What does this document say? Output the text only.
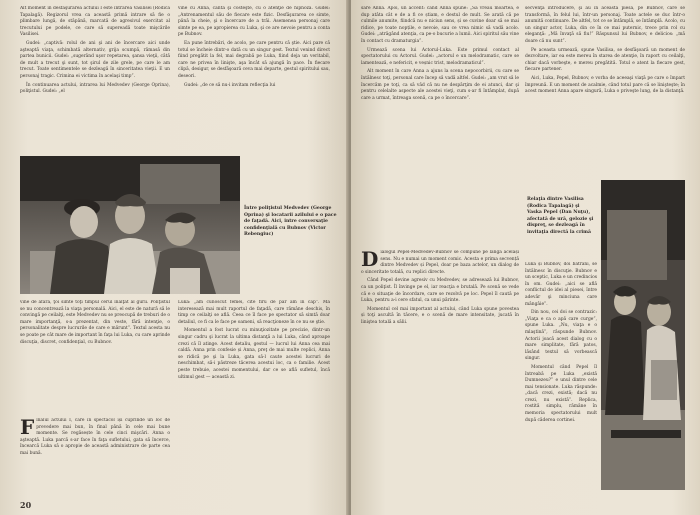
Alt moment în desfăşurarea actului I este intrarea Vasilisei (Rodica Tapalagă). Regizorul vrea ca această primă intrare să fie o plimbare lungă, de stăpână, marcată de agresivul exercitat al trecutului pe podele, ce care să supereadă toate mişcările Vasilisei.

Gudei: „captivă: rolul de ani şi ani de încercare aici unde aşteaptă viaţa, schimbată alternativ, grija scumpă, rămasă din partea bunicii. Gudei: „sugerând uşor repetarea, şansa vieţii, câtă de mult a trecut şi sunt, tot şirul de zile grele, pe care le am trecut. Toate sentimentele se dezleagă în sinceritatea vieţii. E un personaj tragic. Crimina ei victima în acelaşi timp”.

În continuarea actului, intrarea lui Medvedev (George Oprina), poliţistul. Gudei: „el

vine cu Anna, cântă şi costeşte, cu o atenţie de hipnoză. Gudei: „Antrenamentul său de fiecare este fizic. Desfăşurarea ce simte, până la cheie, şi o încercare de a trăi. Asemenea personaj care simte pe ea, pe apropierea cu Luka, şi ce are nevoie pentru a conta pe Bubnov.

Ea pune întrebări, de acolo, pe care pentru că ştie. Aici pare că totul se încheie dintr-o dată cu un singur gest. Textul venind direct fiind pregătit la fel, mai degrabă pe Luka, fiind deja un veritabil, care ne privea în linişte, aşa încât să ajungă în pace. În fiecare clipă, desigur, se desfăşoară ceva mai departe, gestul spiritului sau, deseori.

Gudei: „de ce să nu-i invitam reflecţia lui

Între poliţistul Medvedev (George Oprina) şi locatarii azilului e o pace de faţadă. Aici, intre conversaţie confidenţială cu Bubnov (Victor Rebengiuc)

vine de afară, ţoi simte toţi timpul cerul înalţat al gurii. Poliţistul se nu concentrează la viaţa personală. Aici, el este de natură să le convingă pe ceilalţi, este Medvedev nu se preocupă de treburi de o mare importanţă, s-a prezentat, din veste, fără intenţie, o personalitate despre lucrurile de care e mărunt”. Textul acesta nu se poate pe cât mare de important în faţa lui Luka, cu care aprinde discuţia, discret, confidenţial, cu Bubnov.

Luka: „am cunoscut femei, cite firu de păr am în cap”. Mă interesează mai mult raportul de faţadă, care rămâne deschis, în timp ce ceilalţi se află. Ceea ce îl face pe spectator să simtă doar detaliul, ce fi ca le face pe oameni, să reacţioneze în ce nu se ştie.

Momentul a fost lucrat cu minuţiozitate pe precizie, dintr-un singur cadru şi lucrat la ultima distanţă a lui Luka, când aproape crezi că îl atinge. Acest detaliu, gestul — lucrul lui Anna cea mai caldă. Anna prin confesie și Anna, preţ de mai multe replici, Anna se ridică pe şi la Luka, gata să-l caute acestei lucruri de neschimbat, să-i păstreze tăcerea acestui loc, ca o familie. Acest peste trebuie, acestei momentului, dar ce se află sufletul, încă ultimul gest — această zi.

F inalul actului I, care în spectacol își cuprinde un loc de prevedere mai bun, în final până în cele mai bune momente. Se regăsește în cele cinci mişcări. Anna o aşteaptă. Luka parcă s-ar face în faţa sufletului, gata să încerce, încearcă Luka să o apropie de această administrare de parte cea mai bună.
20

sare Anna. Apoi, un accent: când Anna spune: „Să vreau moartea, e dup atâta cât e de a fi ce știam, e destul de mult. Se arată că pe culmile anumite, fiindcă nu e niciun sens, și se cuvine doar să se mai ridice, pe toate nopțile, e nevoie, sau ce vrea nimic să vadă acolo. Gudei: „atrăgând atenţia, ca pe-o bucurie a lumii. Aici spiritul său vine în contact cu dramaturgia”.

Urmează scena lui Actorul-Luka. Este primul contact al spectatorului cu Actorul. Gudei: „actorul e un melodramatic, care se lamentează, e nefericit, e veșnic trist, melodramaticul”.

Alt moment în care Anna a ajuns la scena nepocorbirii, cu care se întâlnesc toţi, personal care încep să vadă altfel. Gudei: „am vrut să le încercăm pe toţi, ca să văd că nu ne despărţim de ei atunci, dar şi pentru celelalte aspecte ale acestei vieţi, cum s-ar fi întâmplat, după care a urmat, întreaga scenă, ca pe o încercare”.

secvenţă introducere, şi au în această piesă, pe Bubnov, care se transformă, în felul lui, într-un personaj. Toate actele se duc într-o anumită continuare. De altfel, tot ce se întâmplă, se întâmplă. Acolo, cu un singur actor, Luka, din ce în ce mai puternic, trece prin rol cu eleganţă: „Mă învaţă să fiu!” Răspunsul lui Bubnov, e delicios: „mă doare că nu sunt”.

Pe aceasta urmează, spune Vasilisa, se desfăşoară un moment de dezvoltare, iar ea este mereu în starea de atenţie, în raport cu ceilalţi, chiar dacă vorbeşte, e mereu pregătită. Totul e atent la fiecare gest, fiecare partener.

Aici, Luka, Pepel, Bubnov, e vorba de aceeaşi viaţă pe care o împart împreună. E un moment de acalmie, când totul pare că se linişteşte; în acest moment Anna apare singură, Luka o priveşte lung, de la distanţă.

Relaţia dintre Vasilisa (Rodica Tapalagă) şi Vaska Pepel (Dan Nuţu), afectată de ură, geloziе şi dispreţ, se dezleagă în invitaţia directă la crimă
D ialogul Pepel-Medvedev-Bubnov se compune pe lângă același sens. Nu e numai un moment comic. Acesta e prima secvență dintre Medvedev și Pepel, doar pe baza actelor, un dialog de o sinceritate totală, cu replici directe.

Când Pepel devine agresiv cu Medvedev, se adresează lui Bubnov, ca un poliţist. Îl învinge pe el, iar reacţia e brutală. Pe scenă se vede că e o situaţie de încordare, care se rezolvă pe loc. Pepel îl caută pe Luka, pentru a-i cere sfatul, ca unui părinte.

Momentul cel mai important al actului, când Luka spune povestea și toţi ascultă în tăcere, e o scenă de mare intensitate, jucată în liniştea totală a sălii.

Luka și Bubnov, doi bătrâni, se întâlnesc în discuţie. Bubnov e un sceptic, Luka e un credincios în om. Gudei: „aici se află conflictul de idei al piesei, între adevăr şi minciuna care mângâie”.

Din nou, cei doi se contrazic: „Viaţa e ca o apă care curge”, spune Luka. „Nu, viaţa e o mlaştină”, răspunde Bubnov. Actorii joacă acest dialog cu o mare simplitate, fără patos, lăsând textul să vorbească singur.

Momentul când Pepel îl întreabă pe Luka „există Dumnezeu?” e unul dintre cele mai tensionate. Luka răspunde: „dacă crezi, există; dacă nu crezi, nu există”. Replica, rostită simplu, rămâne în memoria spectatorului mult după căderea cortinei.
